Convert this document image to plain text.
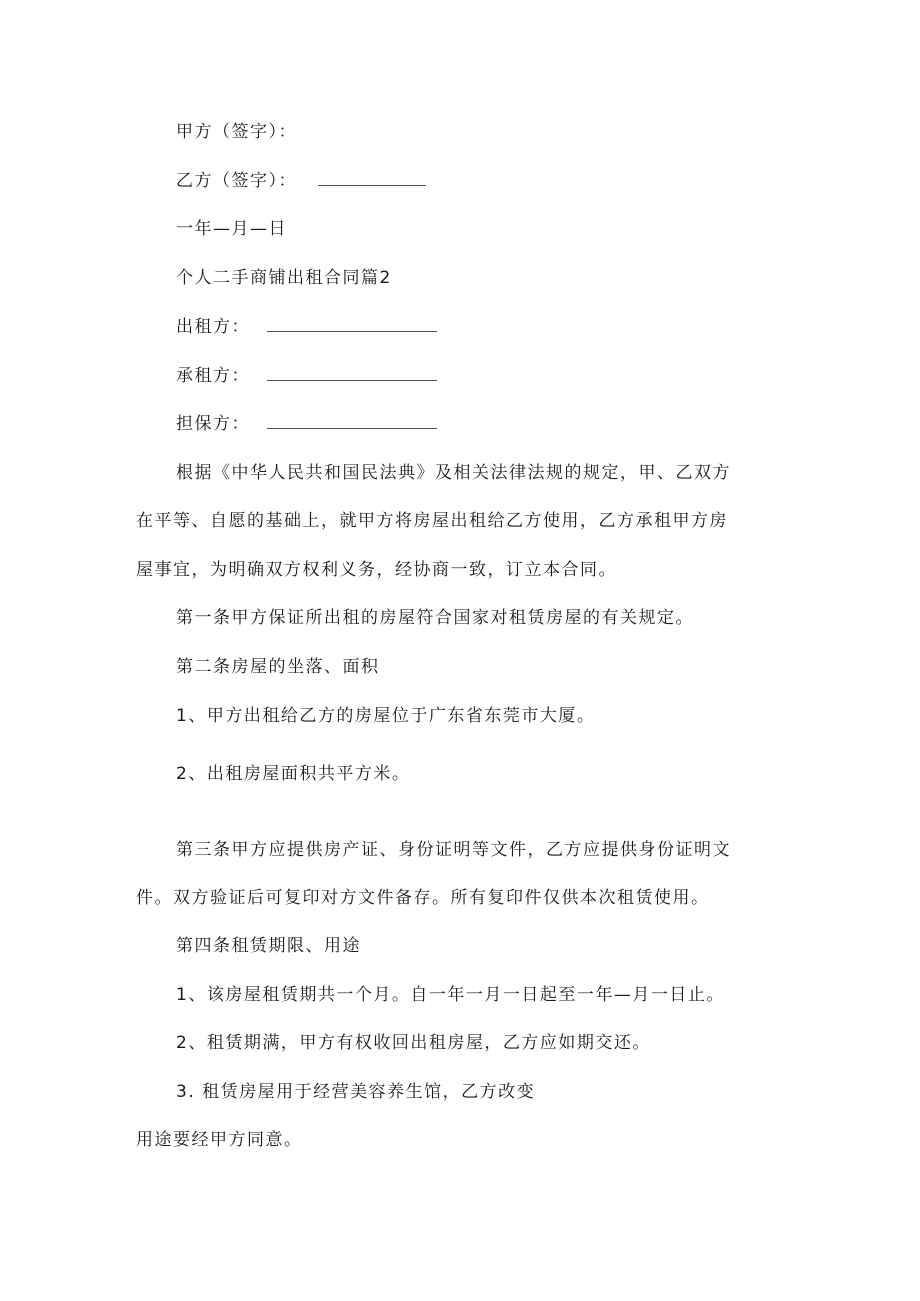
甲方（签字）：
乙方（签字）：
一年—月—日
个人二手商铺出租合同篇2
出租方：
承租方：
担保方：
根据《中华人民共和国民法典》及相关法律法规的规定，甲、乙双方
在平等、自愿的基础上，就甲方将房屋出租给乙方使用，乙方承租甲方房
屋事宜，为明确双方权利义务，经协商一致，订立本合同。
第一条甲方保证所出租的房屋符合国家对租赁房屋的有关规定。
第二条房屋的坐落、面积
1、甲方出租给乙方的房屋位于广东省东莞市大厦。
2、出租房屋面积共平方米。
第三条甲方应提供房产证、身份证明等文件，乙方应提供身份证明文
件。双方验证后可复印对方文件备存。所有复印件仅供本次租赁使用。
第四条租赁期限、用途
1、该房屋租赁期共一个月。自一年一月一日起至一年—月一日止。
2、租赁期满，甲方有权收回出租房屋，乙方应如期交还。
3. 租赁房屋用于经营美容养生馆，乙方改变
用途要经甲方同意。
